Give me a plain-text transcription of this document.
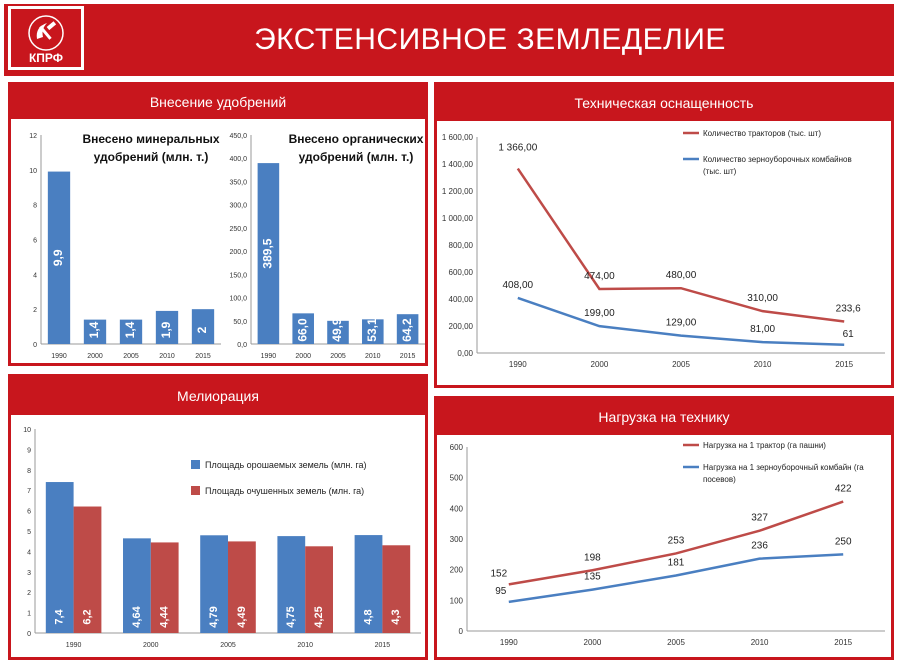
КПРФ
ЭКСТЕНСИВНОЕ ЗЕМЛЕДЕЛИЕ
Внесение удобрений
0
2
4
6
8
10
12
1990	2000	2005	2010	2015
9,9
1,4 1,4 1,9 2
Внесено минеральных
удобрений (млн. т.)
0,0
50,0
100,0
150,0
200,0
250,0
300,0
350,0
400,0
450,0
1990	2000	2005	2010	2015
389,5
66,0 49,9 53,1 64,2
Внесено органических
удобрений (млн. т.)
Техническая оснащенность
0,00
200,00
400,00
600,00
800,00
1 000,00
1 200,00
1 400,00
1 600,00
1990	2000	2005	2010	2015
1 366,00
474,00	480,00
310,00
233,6
Количество тракторов (тыс. шт)
408,00
199,00
129,00
81,00	61
Количество зерноуборочных комбайнов
(тыс. шт)
Мелиорация
0
1
2
3
4
5
6
7
8
9
10
1990	2000	2005	2010	2015
7,4	4,64	4,79	4,75	4,8
Площадь орошаемых земель (млн. га)
6,2	4,44	4,49	4,25	4,3
Площадь очушенных земель (млн. га)
Нагрузка на технику
0
100
200
300
400
500
600
1990	2000	2005	2010	2015
152
198
253
327
422
Нагрузка на 1 трактор (га пашни)
95
135
181
236	250
Нагрузка на 1 зерноуборочный комбайн (га
посевов)
